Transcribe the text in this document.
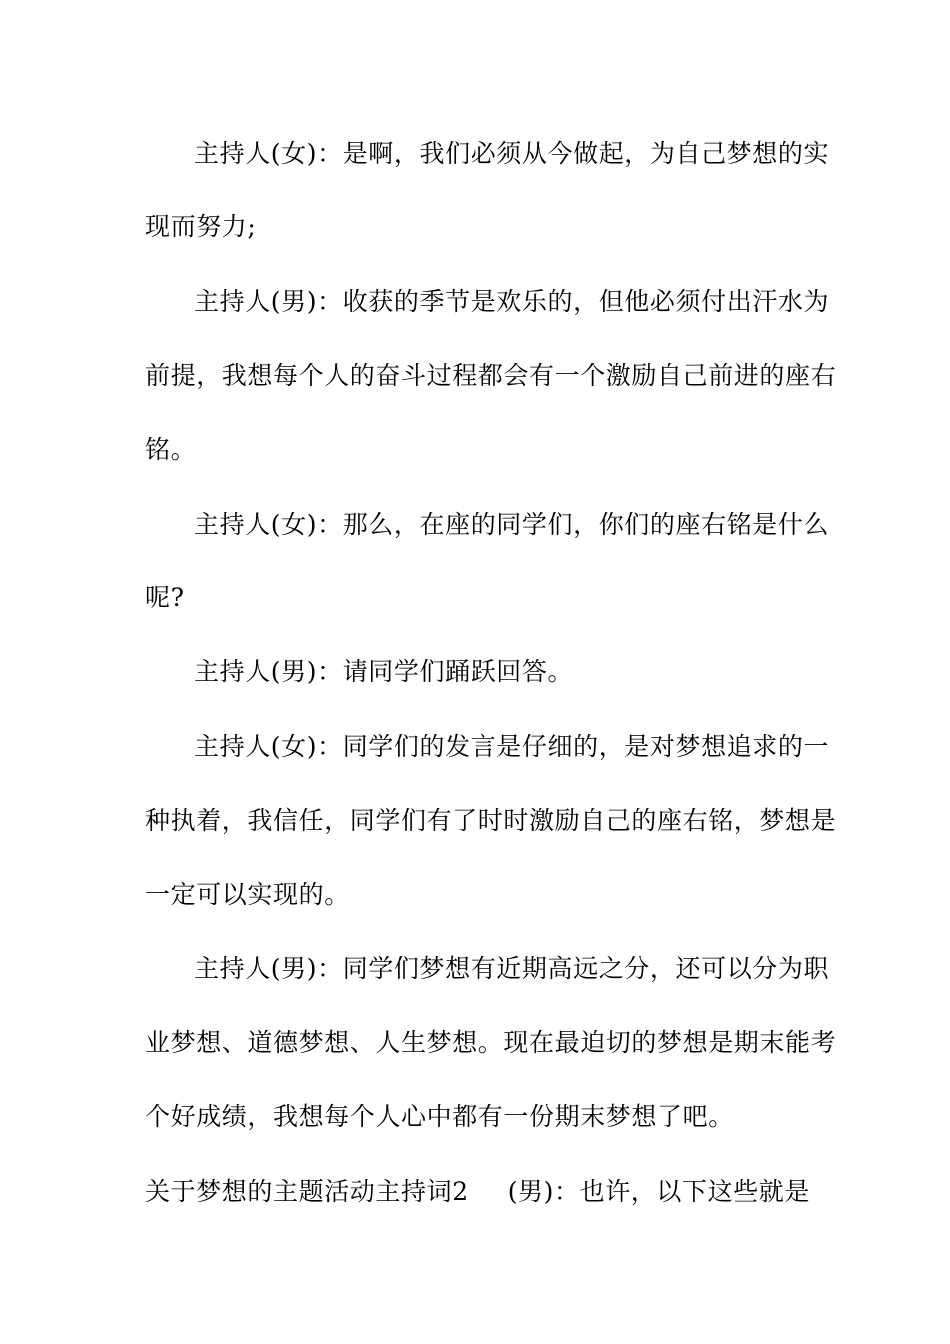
主持人(女)：是啊，我们必须从今做起，为自己梦想的实
现而努力;
主持人(男)：收获的季节是欢乐的，但他必须付出汗水为
前提，我想每个人的奋斗过程都会有一个激励自己前进的座右
铭。
主持人(女)：那么，在座的同学们，你们的座右铭是什么
呢?
主持人(男)：请同学们踊跃回答。
主持人(女)：同学们的发言是仔细的，是对梦想追求的一
种执着，我信任，同学们有了时时激励自己的座右铭，梦想是
一定可以实现的。
主持人(男)：同学们梦想有近期高远之分，还可以分为职
业梦想、道德梦想、人生梦想。现在最迫切的梦想是期末能考
个好成绩，我想每个人心中都有一份期末梦想了吧。
关于梦想的主题活动主持词2 (男)：也许，以下这些就是
